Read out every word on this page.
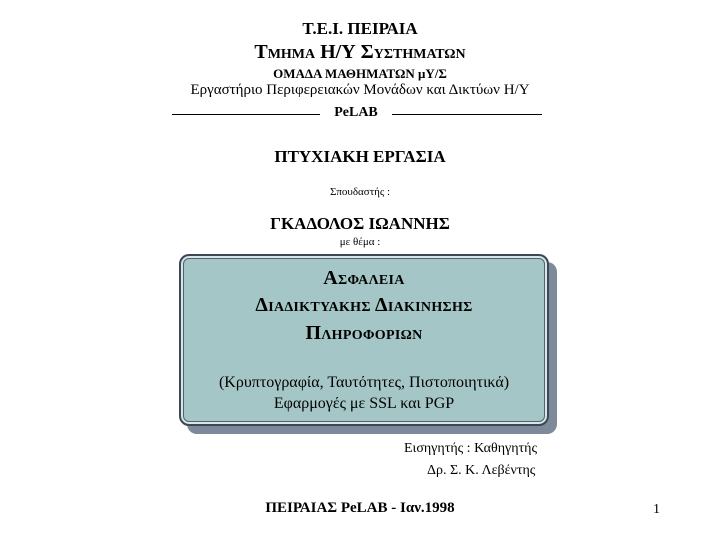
Τ.Ε.Ι. ΠΕΙΡΑΙΑ
Τμημα Η/Υ Συστηματων
ΟΜΑΔΑ ΜΑΘΗΜΑΤΩΝ μΥ/Σ
Εργαστήριο Περιφερειακών Μονάδων και Δικτύων Η/Υ
PeLAB
ΠΤΥΧΙΑΚΗ ΕΡΓΑΣΙΑ
Σπουδαστής :
ΓΚΑΔΟΛΟΣ ΙΩΑΝΝΗΣ
με θέμα :
Ασφαλεια
Διαδικτυακης Διακινησης
Πληροφοριων
(Κρυπτογραφία, Ταυτότητες, Πιστοποιητικά)
Εφαρμογές με SSL και PGP
Εισηγητής : Καθηγητής
Δρ. Σ. Κ. Λεβέντης
ΠΕΙΡΑΙΑΣ PeLAB - Ιαν.1998	1
